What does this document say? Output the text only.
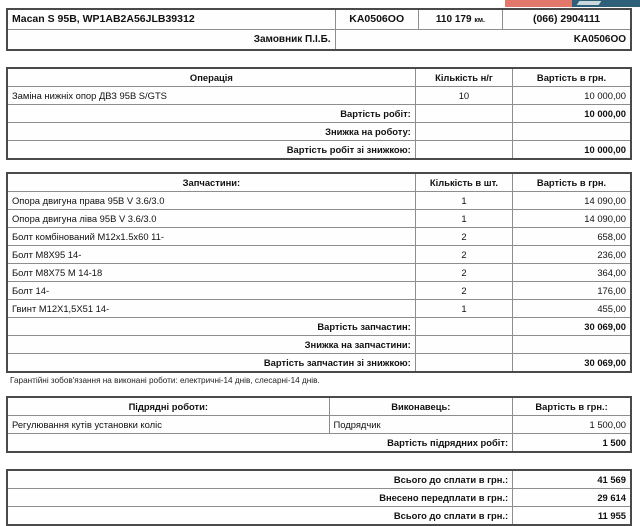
Macan S 95B, WP1AB2A56JLB39312	KA0506OO	110 179 км.	(066) 2904111
Замовник П.І.Б.	KA0506OO		
Операція	Кількість н/г	Вартість в грн.
Заміна нижніх опор ДВЗ 95B S/GTS	10	10 000,00
Вартість робіт:		10 000,00
Знижка на роботу:		
Вартість робіт зі знижкою:		10 000,00
Запчастини:	Кількість в шт.	Вартість в грн.
Опора двигуна права 95B V 3.6/3.0	1	14 090,00
Опора двигуна ліва 95B V 3.6/3.0	1	14 090,00
Болт комбінований M12x1.5x60 11-	2	658,00
Болт M8X95 14-	2	236,00
Болт M8X75 M 14-18	2	364,00
Болт 14-	2	176,00
Гвинт M12X1,5X51 14-	1	455,00
Вартість запчастин:		30 069,00
Знижка на запчастини:		
Вартість запчастин зі знижкою:		30 069,00
Гарантійні зобов'язання на виконані роботи: електричні-14 днів, слесарні-14 днів.
Підрядні роботи:	Виконавець:	Вартість в грн.:
Регулювання кутів установки коліс	Подрядчик	1 500,00
Вартість підрядних робіт:		1 500
Всього до сплати в грн.:	41 569
Внесено передплати в грн.:	29 614
Всього до сплати в грн.:	11 955
